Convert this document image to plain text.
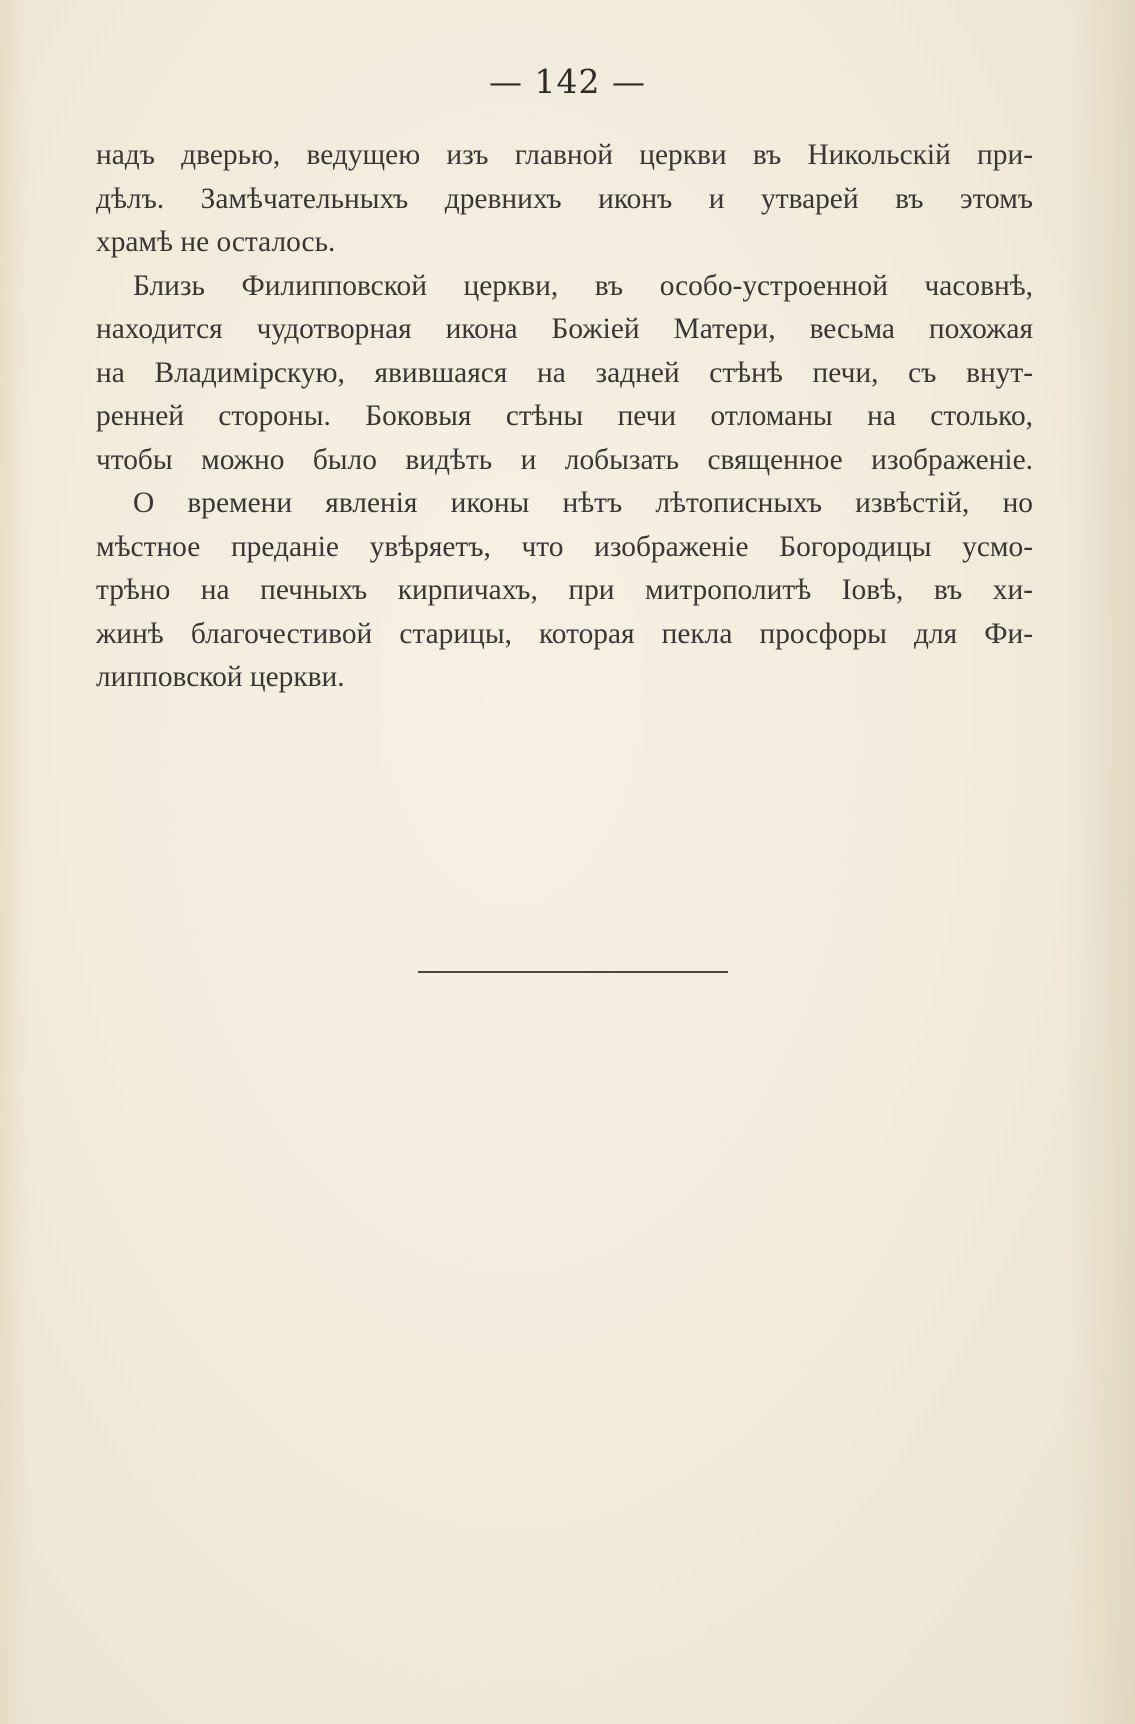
— 142 —
надъ дверью, ведущею изъ главной церкви въ Никольскій при-
дѣлъ. Замѣчательныхъ древнихъ иконъ и утварей въ этомъ
храмѣ не осталось.
Близь Филипповской церкви, въ особо-устроенной часовнѣ,
находится чудотворная икона Божіей Матери, весьма похожая
на Владимірскую, явившаяся на задней стѣнѣ печи, съ внут-
ренней стороны. Боковыя стѣны печи отломаны на столько,
чтобы можно было видѣть и лобызать священное изображеніе.
О времени явленія иконы нѣтъ лѣтописныхъ извѣстій, но
мѣстное преданіе увѣряетъ, что изображеніе Богородицы усмо-
трѣно на печныхъ кирпичахъ, при митрополитѣ Іовѣ, въ хи-
жинѣ благочестивой старицы, которая пекла просфоры для Фи-
липповской церкви.
